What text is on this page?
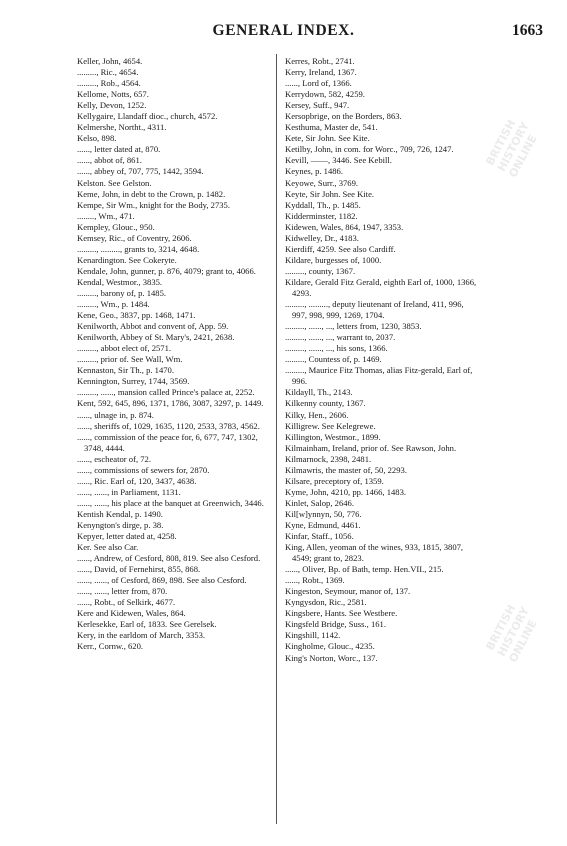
GENERAL INDEX.	1663
Keller, John, 4654.
........., Ric., 4654.
........., Rob., 4564.
Kellome, Notts, 657.
Kelly, Devon, 1252.
Kellygaire, Llandaff dioc., church, 4572.
Kelmershe, Northt., 4311.
Kelso, 898.
......, letter dated at, 870.
......, abbot of, 861.
......, abbey of, 707, 775, 1442, 3594.
Kelston. See Gelston.
Keme, John, in debt to the Crown, p. 1482.
Kempe, Sir Wm., knight for the Body, 2735.
........, Wm., 471.
Kempley, Glouc., 950.
Kemsey, Ric., of Coventry, 2606.
........., ........., grants to, 3214, 4648.
Kenardington. See Cokeryte.
Kendale, John, gunner, p. 876, 4079; grant to, 4066.
Kendal, Westmor., 3835.
........., barony of, p. 1485.
........., Wm., p. 1484.
Kene, Geo., 3837, pp. 1468, 1471.
Kenilworth, Abbot and convent of, App. 59.
Kenilworth, Abbey of St. Mary's, 2421, 2638.
........., abbot elect of, 2571.
........., prior of. See Wall, Wm.
Kennaston, Sir Th., p. 1470.
Kennington, Surrey, 1744, 3569.
........., ......, mansion called Prince's palace at, 2252.
Kent, 592, 645, 896, 1371, 1786, 3087, 3297, p. 1449.
......, ulnage in, p. 874.
......, sheriffs of, 1029, 1635, 1120, 2533, 3783, 4562.
......, commission of the peace for, 6, 677, 747, 1302, 3748, 4444.
......, escheator of, 72.
......, commissions of sewers for, 2870.
......, Ric. Earl of, 120, 3437, 4638.
......, ......, in Parliament, 1131.
......, ......, his place at the banquet at Greenwich, 3446.
Kentish Kendal, p. 1490.
Kenyngton's dirge, p. 38.
Kepyer, letter dated at, 4258.
Ker. See also Car.
......, Andrew, of Cesford, 808, 819. See also Cesford.
......, David, of Fernehirst, 855, 868.
......, ......, of Cesford, 869, 898. See also Cesford.
......, ......, letter from, 870.
......, Robt., of Selkirk, 4677.
Kere and Kidewen, Wales, 864.
Kerlesekke, Earl of, 1833. See Gerelsek.
Kery, in the earldom of March, 3353.
Kerr., Cornw., 620.
Kerres, Robt., 2741.
Kerry, Ireland, 1367.
......, Lord of, 1366.
Kerrydown, 582, 4259.
Kersey, Suff., 947.
Kersopbrige, on the Borders, 863.
Kesthuma, Master de, 541.
Kete, Sir John. See Kite.
Ketilby, John, in com. for Worc., 709, 726, 1247.
Kevill, ——, 3446. See Kebill.
Keynes, p. 1486.
Keyowe, Surr., 3769.
Keyte, Sir John. See Kite.
Kyddall, Th., p. 1485.
Kidderminster, 1182.
Kidewen, Wales, 864, 1947, 3353.
Kidwelley, Dr., 4183.
Kierdiff, 4259. See also Cardiff.
Kildare, burgesses of, 1000.
........., county, 1367.
Kildare, Gerald Fitz Gerald, eighth Earl of, 1000, 1366, 4293.
........., ........., deputy lieutenant of Ireland, 411, 996, 997, 998, 999, 1269, 1704.
........., ......, ..., letters from, 1230, 3853.
........., ......, ..., warrant to, 2037.
........., ......, ..., his sons, 1366.
........., Countess of, p. 1469.
........., Maurice Fitz Thomas, alias Fitz-gerald, Earl of, 996.
Kildayll, Th., 2143.
Kilkenny county, 1367.
Kilky, Hen., 2606.
Killigrew. See Kelegrewe.
Killington, Westmor., 1899.
Kilmainham, Ireland, prior of. See Rawson, John.
Kilmarnock, 2398, 2481.
Kilmawris, the master of, 50, 2293.
Kilsare, preceptory of, 1359.
Kyme, John, 4210, pp. 1466, 1483.
Kinlet, Salop, 2646.
Kil[w]ynnyn, 50, 776.
Kyne, Edmund, 4461.
Kinfar, Staff., 1056.
King, Allen, yeoman of the wines, 933, 1815, 3807, 4549; grant to, 2823.
......, Oliver, Bp. of Bath, temp. Hen.VII., 215.
......, Robt., 1369.
Kingeston, Seymour, manor of, 137.
Kyngysdon, Ric., 2581.
Kingsbere, Hants. See Westbere.
Kingsfeld Bridge, Suss., 161.
Kingshill, 1142.
Kingholme, Glouc., 4235.
King's Norton, Worc., 137.
BRITISH HISTORY ONLINE
BRITISH HISTORY ONLINE
